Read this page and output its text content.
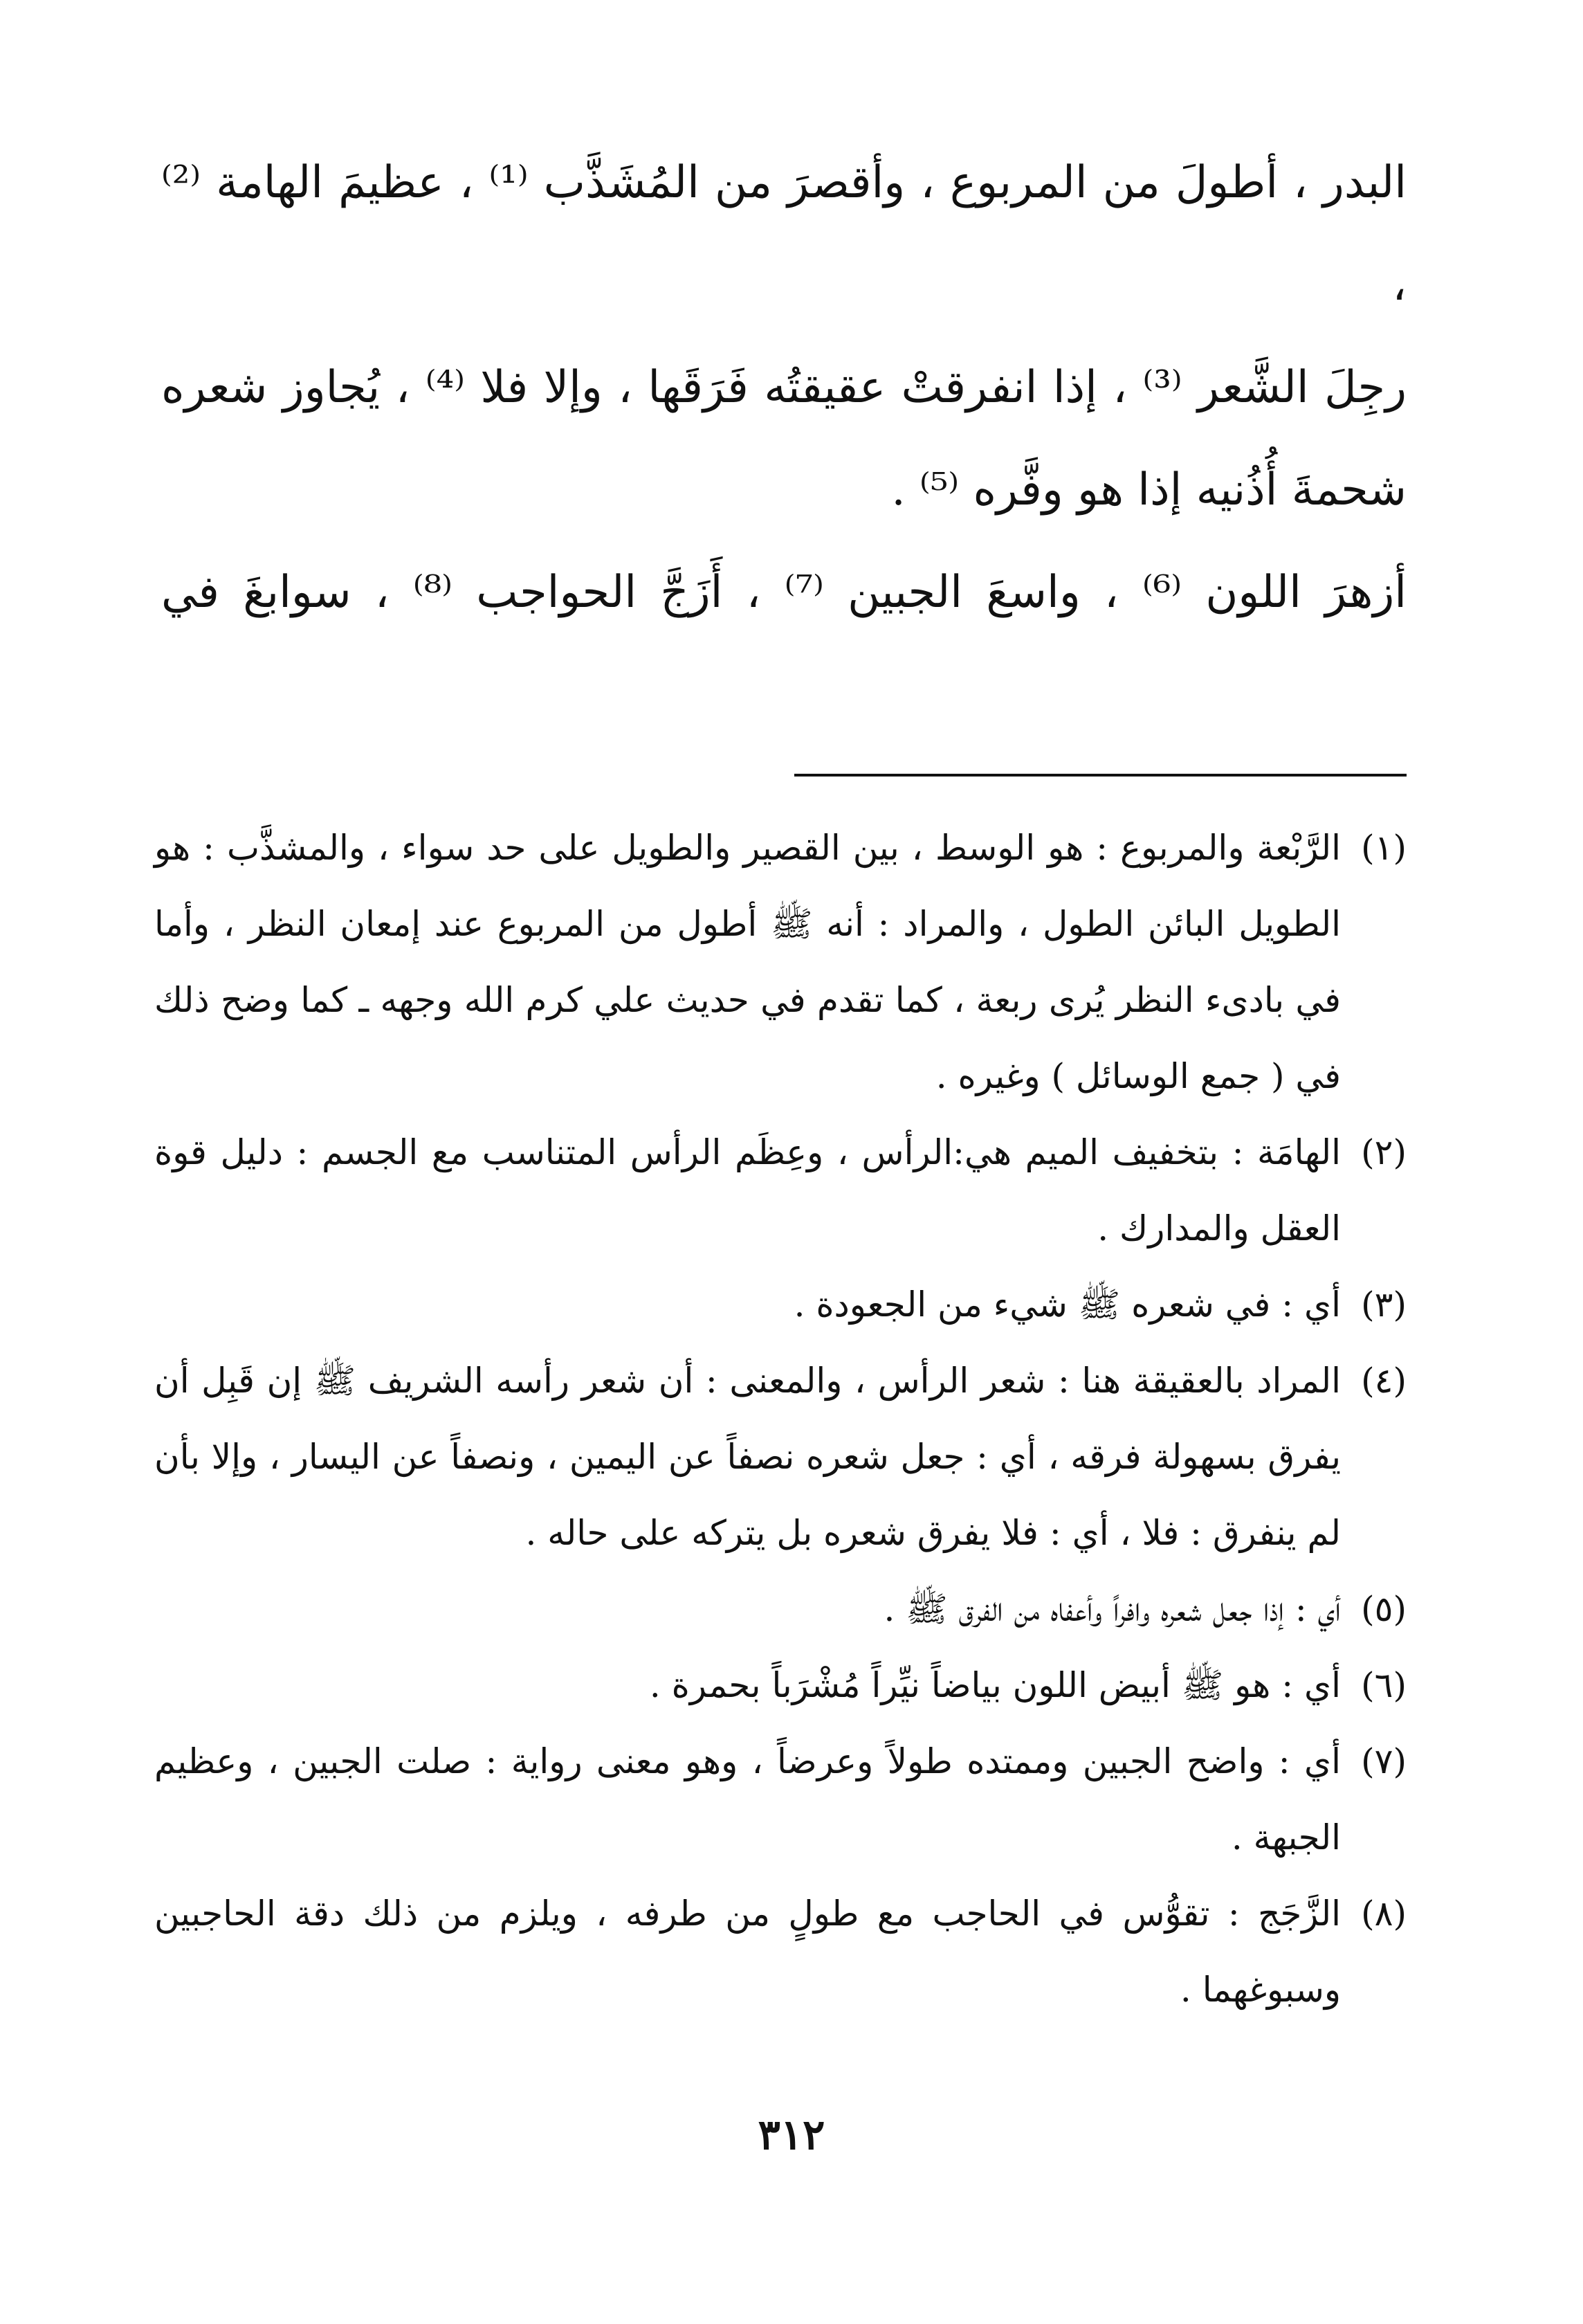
البدر ، أطولَ من المربوع ، وأقصرَ من المُشَذَّب ⁽¹⁾ ، عظيمَ الهامة ⁽²⁾ ،

رجِلَ الشَّعر ⁽³⁾ ، إذا انفرقتْ عقيقتُه فَرَقَها ، وإلا فلا ⁽⁴⁾ ، يُجاوز شعره

شحمةَ أُذُنيه إذا هو وفَّره ⁽⁵⁾ .

أزهرَ اللون ⁽⁶⁾ ، واسعَ الجبين ⁽⁷⁾ ، أَزَجَّ الحواجب ⁽⁸⁾ ، سوابغَ في

(١)
الرَّبْعة والمربوع : هو الوسط ، بين القصير والطويل على حد سواء ، والمشذَّب : هو الطويل البائن الطول ، والمراد : أنه ﷺ أطول من المربوع عند إمعان النظر ، وأما في بادىء النظر يُرى ربعة ، كما تقدم في حديث علي كرم الله وجهه ـ كما وضح ذلك في ( جمع الوسائل ) وغيره .
(٢)
الهامَة : بتخفيف الميم هي:الرأس ، وعِظَم الرأس المتناسب مع الجسم : دليل قوة العقل والمدارك .
(٣)
أي : في شعره ﷺ شيء من الجعودة .
(٤)
المراد بالعقيقة هنا : شعر الرأس ، والمعنى : أن شعر رأسه الشريف ﷺ إن قَبِل أن يفرق بسهولة فرقه ، أي : جعل شعره نصفاً عن اليمين ، ونصفاً عن اليسار ، وإلا بأن لم ينفرق : فلا ، أي : فلا يفرق شعره بل يتركه على حاله .
(٥)
أي : إذا جعل شعره وافراً وأعفاه من الفرق ﷺ .
(٦)
أي : هو ﷺ أبيض اللون بياضاً نيِّراً مُشْرَباً بحمرة .
(٧)
أي : واضح الجبين وممتده طولاً وعرضاً ، وهو معنى رواية : صلت الجبين ، وعظيم الجبهة .
(٨)
الزَّجَج : تقوُّس في الحاجب مع طولٍ من طرفه ، ويلزم من ذلك دقة الحاجبين وسبوغهما .
٣١٢
